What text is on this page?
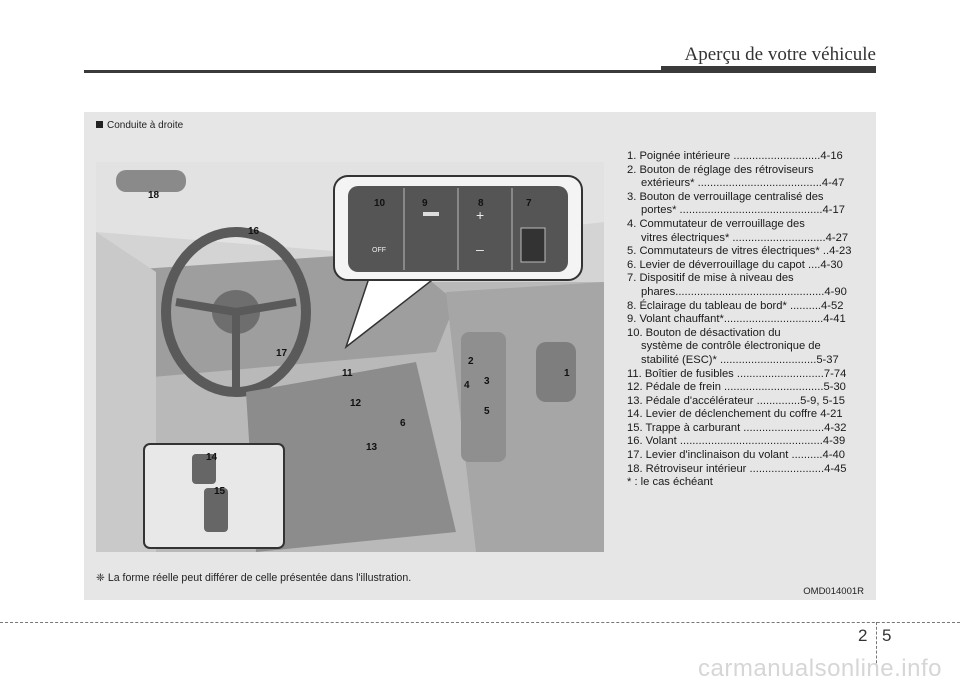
Aperçu de votre véhicule
Conduite à droite
OFF
+
–
18
16
10	9	8	7
2
4 3
1
5
17
11
12
6
13
14
15
1. Poignée intérieure ............................4-16
2. Bouton de réglage des rétroviseurs
extérieurs* ........................................4-47
3. Bouton de verrouillage centralisé des
portes* ..............................................4-17
4. Commutateur de verrouillage des
vitres électriques* ..............................4-27
5. Commutateurs de vitres électriques* ..4-23
6. Levier de déverrouillage du capot ....4-30
7. Dispositif de mise à niveau des
phares................................................4-90
8. Éclairage du tableau de bord* ..........4-52
9. Volant chauffant*................................4-41
10. Bouton de désactivation du
système de contrôle électronique de
stabilité (ESC)* ...............................5-37
11. Boîtier de fusibles ............................7-74
12. Pédale de frein ................................5-30
13. Pédale d'accélérateur ..............5-9, 5-15
14. Levier de déclenchement du coffre 4-21
15. Trappe à carburant ..........................4-32
16. Volant ..............................................4-39
17. Levier d'inclinaison du volant ..........4-40
18. Rétroviseur intérieur ........................4-45
* : le cas échéant
❈ La forme réelle peut différer de celle présentée dans l'illustration.
OMD014001R
2 5
carmanualsonline.info
